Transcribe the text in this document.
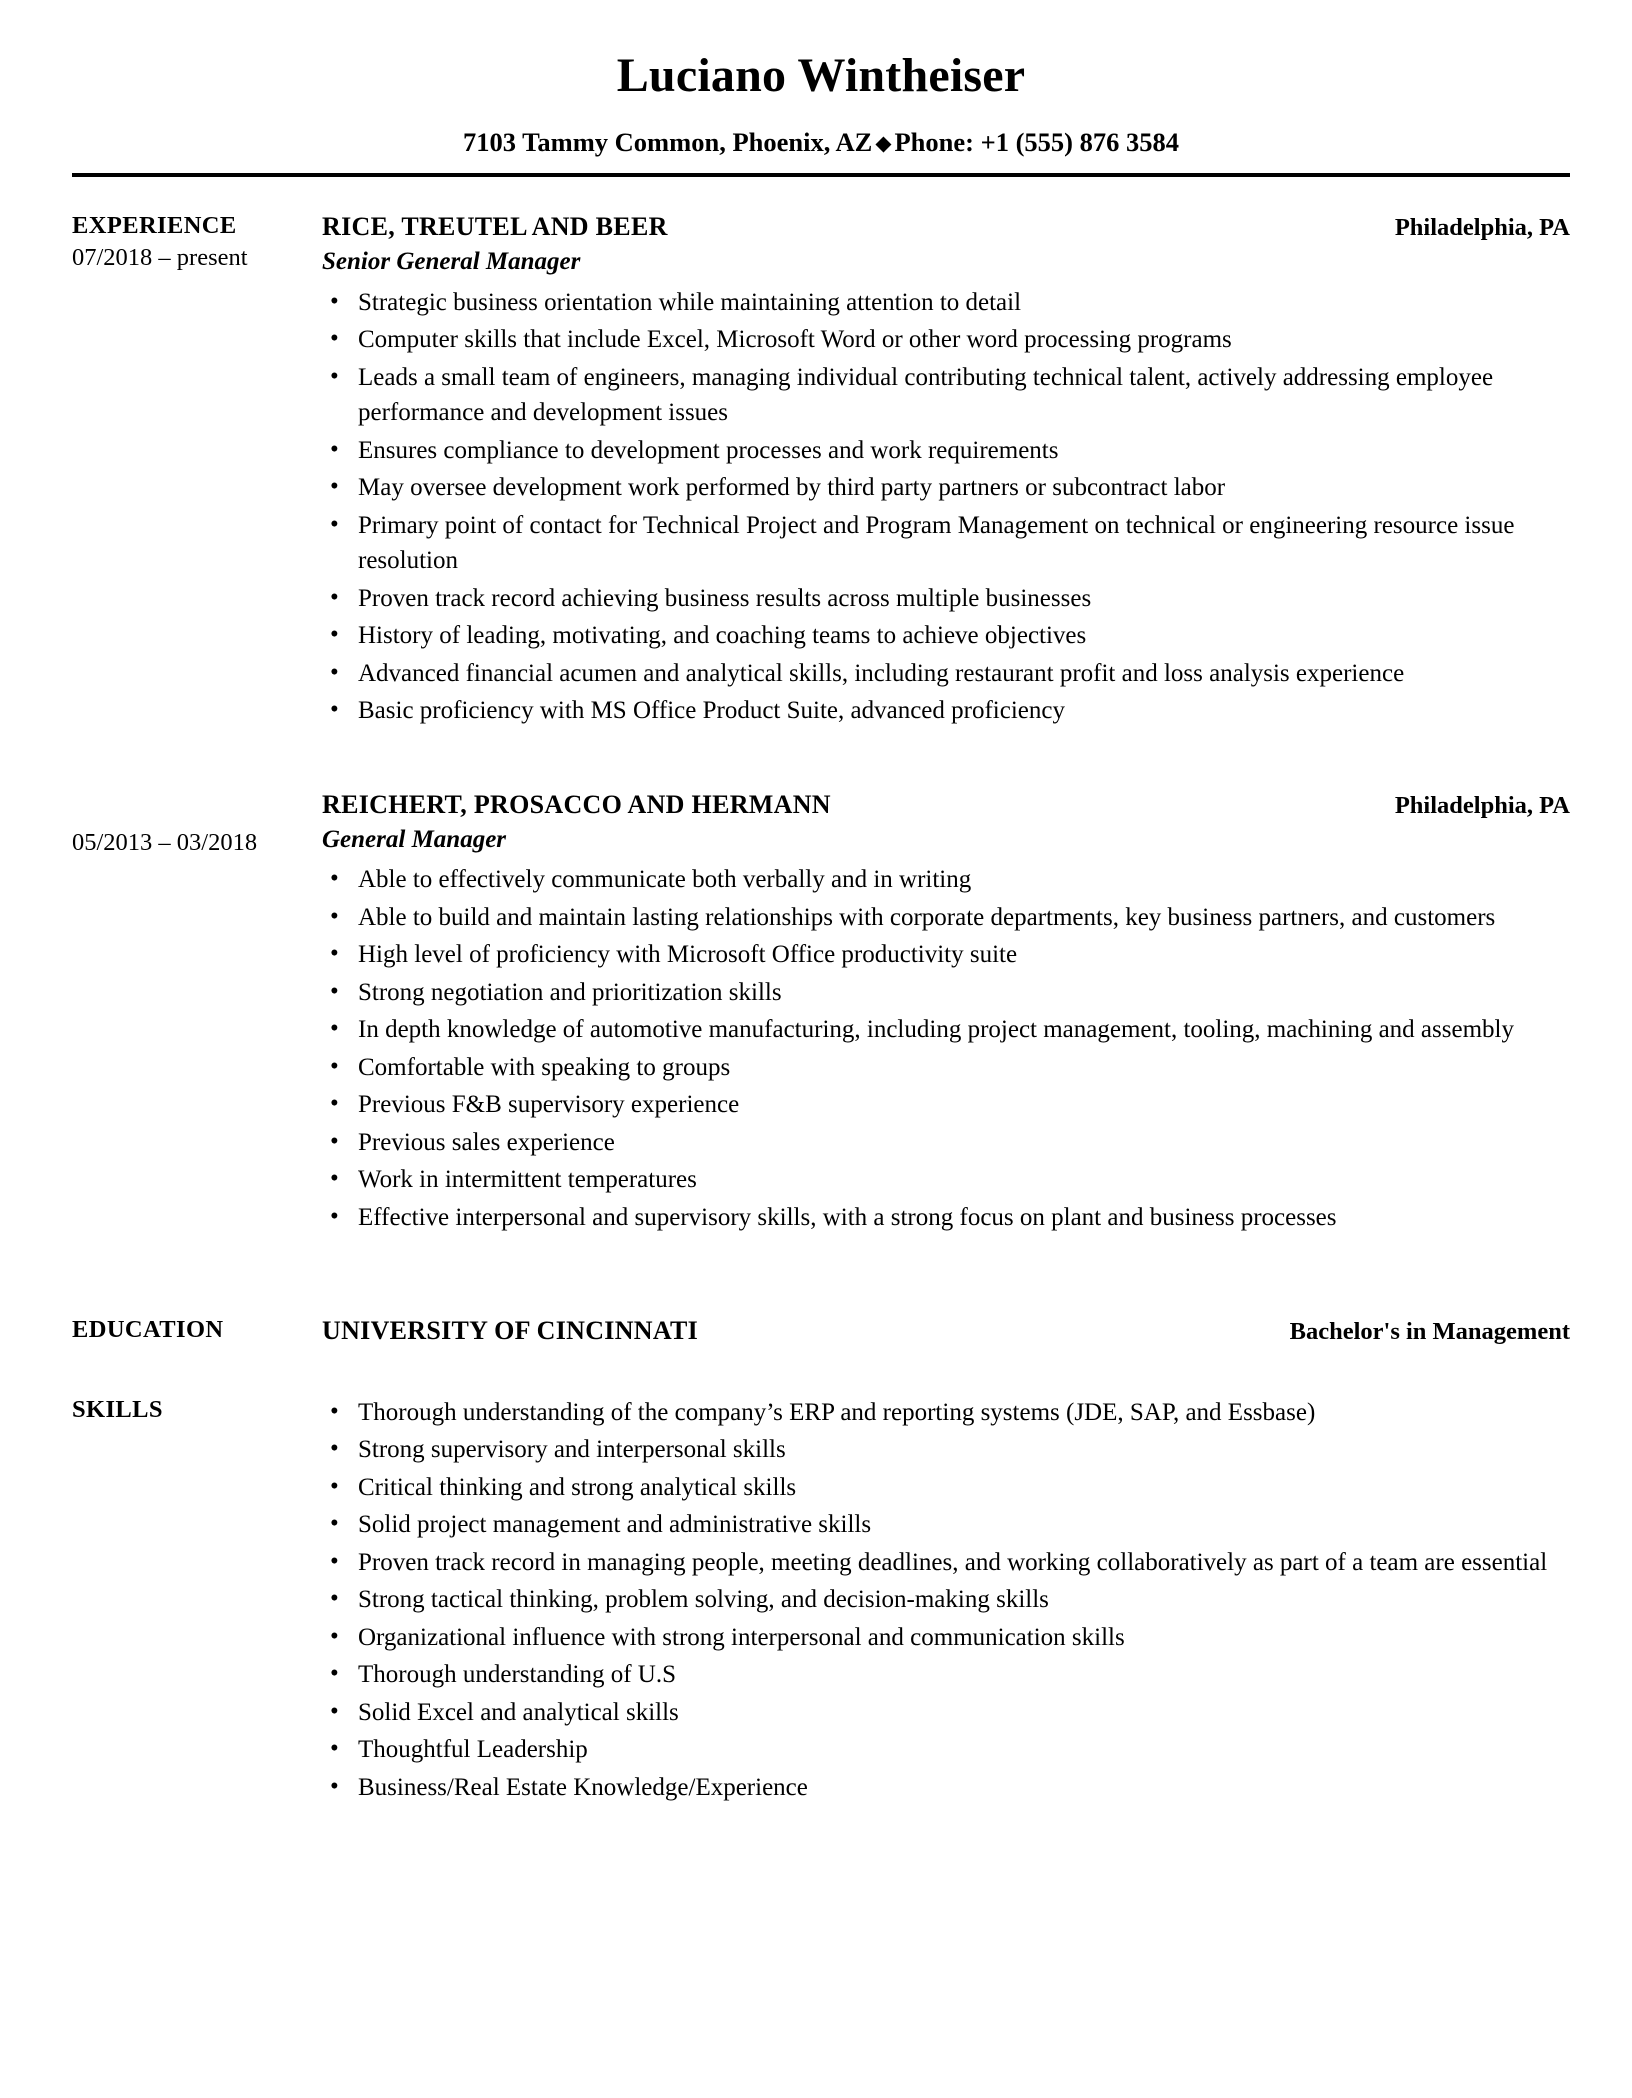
Luciano Wintheiser
7103 Tammy Common, Phoenix, AZ ◆ Phone: +1 (555) 876 3584
EXPERIENCE
07/2018 – present
RICE, TREUTEL AND BEER	Philadelphia, PA
Senior General Manager
• Strategic business orientation while maintaining attention to detail
• Computer skills that include Excel, Microsoft Word or other word processing programs
• Leads a small team of engineers, managing individual contributing technical talent, actively addressing employee performance and development issues
• Ensures compliance to development processes and work requirements
• May oversee development work performed by third party partners or subcontract labor
• Primary point of contact for Technical Project and Program Management on technical or engineering resource issue resolution
• Proven track record achieving business results across multiple businesses
• History of leading, motivating, and coaching teams to achieve objectives
• Advanced financial acumen and analytical skills, including restaurant profit and loss analysis experience
• Basic proficiency with MS Office Product Suite, advanced proficiency
05/2013 – 03/2018
REICHERT, PROSACCO AND HERMANN	Philadelphia, PA
General Manager
• Able to effectively communicate both verbally and in writing
• Able to build and maintain lasting relationships with corporate departments, key business partners, and customers
• High level of proficiency with Microsoft Office productivity suite
• Strong negotiation and prioritization skills
• In depth knowledge of automotive manufacturing, including project management, tooling, machining and assembly
• Comfortable with speaking to groups
• Previous F&B supervisory experience
• Previous sales experience
• Work in intermittent temperatures
• Effective interpersonal and supervisory skills, with a strong focus on plant and business processes
EDUCATION	UNIVERSITY OF CINCINNATI	Bachelor's in Management
SKILLS	• Thorough understanding of the company’s ERP and reporting systems (JDE, SAP, and Essbase)
• Strong supervisory and interpersonal skills
• Critical thinking and strong analytical skills
• Solid project management and administrative skills
• Proven track record in managing people, meeting deadlines, and working collaboratively as part of a team are essential
• Strong tactical thinking, problem solving, and decision-making skills
• Organizational influence with strong interpersonal and communication skills
• Thorough understanding of U.S
• Solid Excel and analytical skills
• Thoughtful Leadership
• Business/Real Estate Knowledge/Experience
